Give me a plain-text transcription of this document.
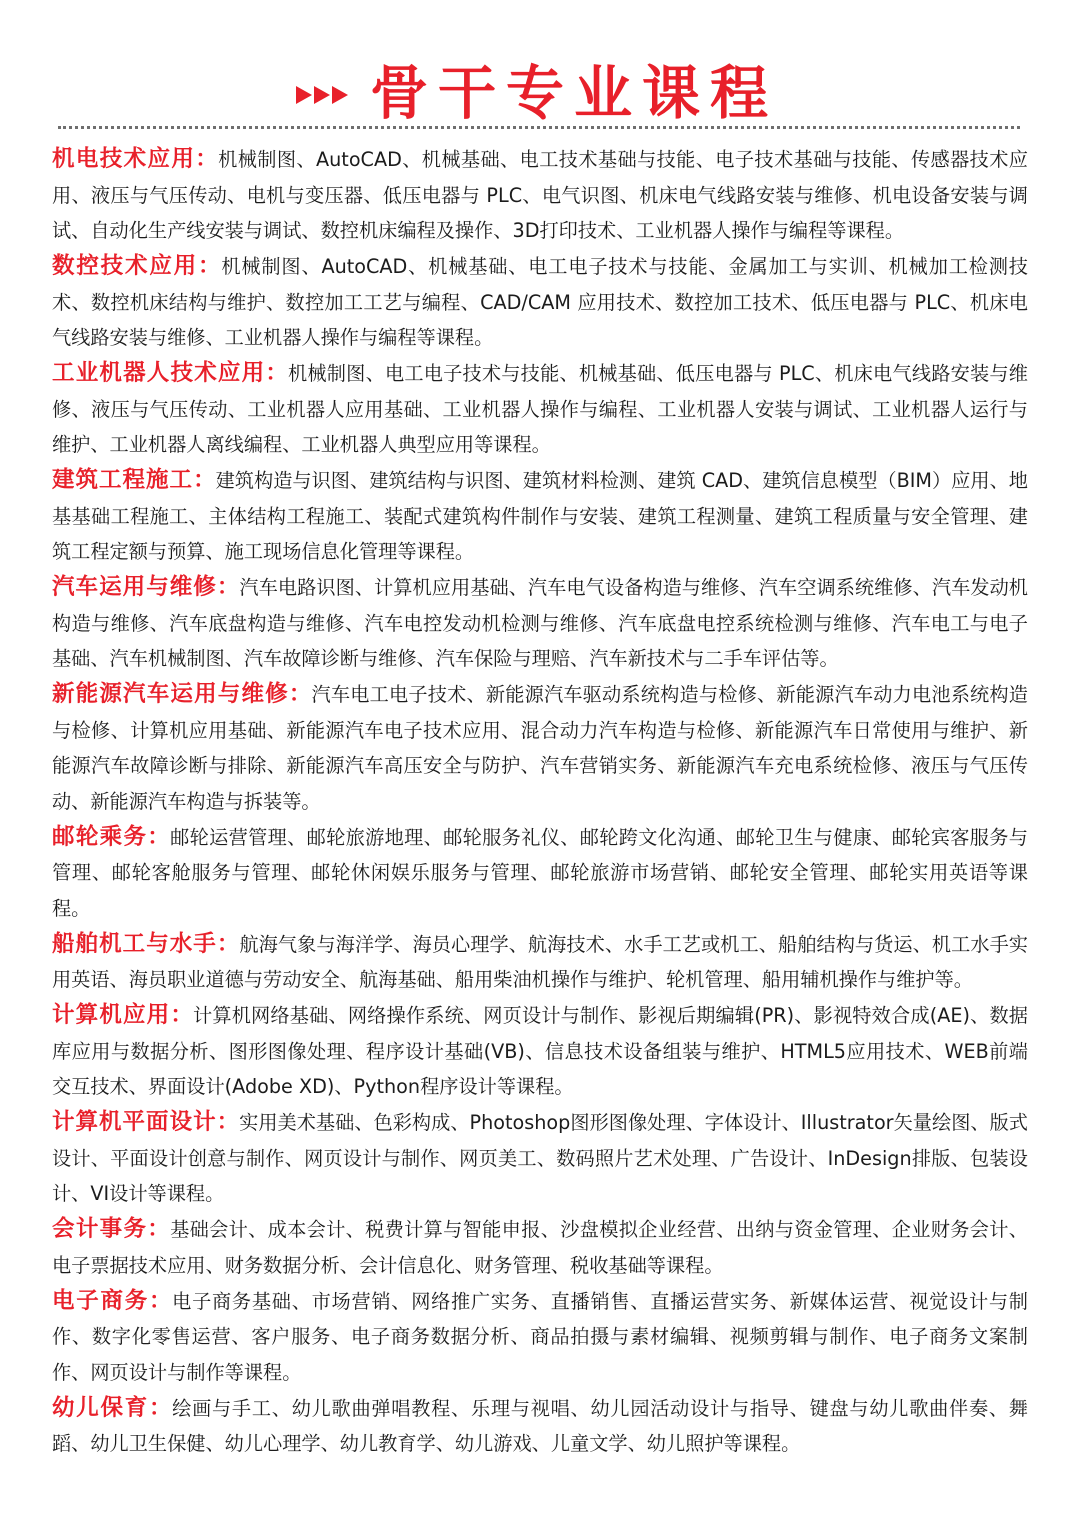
骨干专业课程

机电技术应用：机械制图、AutoCAD、机械基础、电工技术基础与技能、电子技术基础与技能、传感器技术应用、液压与气压传动、电机与变压器、低压电器与 PLC、电气识图、机床电气线路安装与维修、机电设备安装与调试、自动化生产线安装与调试、数控机床编程及操作、3D打印技术、工业机器人操作与编程等课程。

数控技术应用：机械制图、AutoCAD、机械基础、电工电子技术与技能、金属加工与实训、机械加工检测技术、数控机床结构与维护、数控加工工艺与编程、CAD/CAM 应用技术、数控加工技术、低压电器与 PLC、机床电气线路安装与维修、工业机器人操作与编程等课程。

工业机器人技术应用：机械制图、电工电子技术与技能、机械基础、低压电器与 PLC、机床电气线路安装与维修、液压与气压传动、工业机器人应用基础、工业机器人操作与编程、工业机器人安装与调试、工业机器人运行与维护、工业机器人离线编程、工业机器人典型应用等课程。

建筑工程施工：建筑构造与识图、建筑结构与识图、建筑材料检测、建筑 CAD、建筑信息模型（BIM）应用、地基基础工程施工、主体结构工程施工、装配式建筑构件制作与安装、建筑工程测量、建筑工程质量与安全管理、建筑工程定额与预算、施工现场信息化管理等课程。

汽车运用与维修：汽车电路识图、计算机应用基础、汽车电气设备构造与维修、汽车空调系统维修、汽车发动机构造与维修、汽车底盘构造与维修、汽车电控发动机检测与维修、汽车底盘电控系统检测与维修、汽车电工与电子基础、汽车机械制图、汽车故障诊断与维修、汽车保险与理赔、汽车新技术与二手车评估等。

新能源汽车运用与维修：汽车电工电子技术、新能源汽车驱动系统构造与检修、新能源汽车动力电池系统构造与检修、计算机应用基础、新能源汽车电子技术应用、混合动力汽车构造与检修、新能源汽车日常使用与维护、新能源汽车故障诊断与排除、新能源汽车高压安全与防护、汽车营销实务、新能源汽车充电系统检修、液压与气压传动、新能源汽车构造与拆装等。

邮轮乘务：邮轮运营管理、邮轮旅游地理、邮轮服务礼仪、邮轮跨文化沟通、邮轮卫生与健康、邮轮宾客服务与管理、邮轮客舱服务与管理、邮轮休闲娱乐服务与管理、邮轮旅游市场营销、邮轮安全管理、邮轮实用英语等课程。

船舶机工与水手：航海气象与海洋学、海员心理学、航海技术、水手工艺或机工、船舶结构与货运、机工水手实用英语、海员职业道德与劳动安全、航海基础、船用柴油机操作与维护、轮机管理、船用辅机操作与维护等。

计算机应用：计算机网络基础、网络操作系统、网页设计与制作、影视后期编辑(PR)、影视特效合成(AE)、数据库应用与数据分析、图形图像处理、程序设计基础(VB)、信息技术设备组装与维护、HTML5应用技术、WEB前端交互技术、界面设计(Adobe XD)、Python程序设计等课程。

计算机平面设计：实用美术基础、色彩构成、Photoshop图形图像处理、字体设计、Illustrator矢量绘图、版式设计、平面设计创意与制作、网页设计与制作、网页美工、数码照片艺术处理、广告设计、InDesign排版、包装设计、VI设计等课程。

会计事务：基础会计、成本会计、税费计算与智能申报、沙盘模拟企业经营、出纳与资金管理、企业财务会计、电子票据技术应用、财务数据分析、会计信息化、财务管理、税收基础等课程。

电子商务：电子商务基础、市场营销、网络推广实务、直播销售、直播运营实务、新媒体运营、视觉设计与制作、数字化零售运营、客户服务、电子商务数据分析、商品拍摄与素材编辑、视频剪辑与制作、电子商务文案制作、网页设计与制作等课程。

幼儿保育：绘画与手工、幼儿歌曲弹唱教程、乐理与视唱、幼儿园活动设计与指导、键盘与幼儿歌曲伴奏、舞蹈、幼儿卫生保健、幼儿心理学、幼儿教育学、幼儿游戏、儿童文学、幼儿照护等课程。
